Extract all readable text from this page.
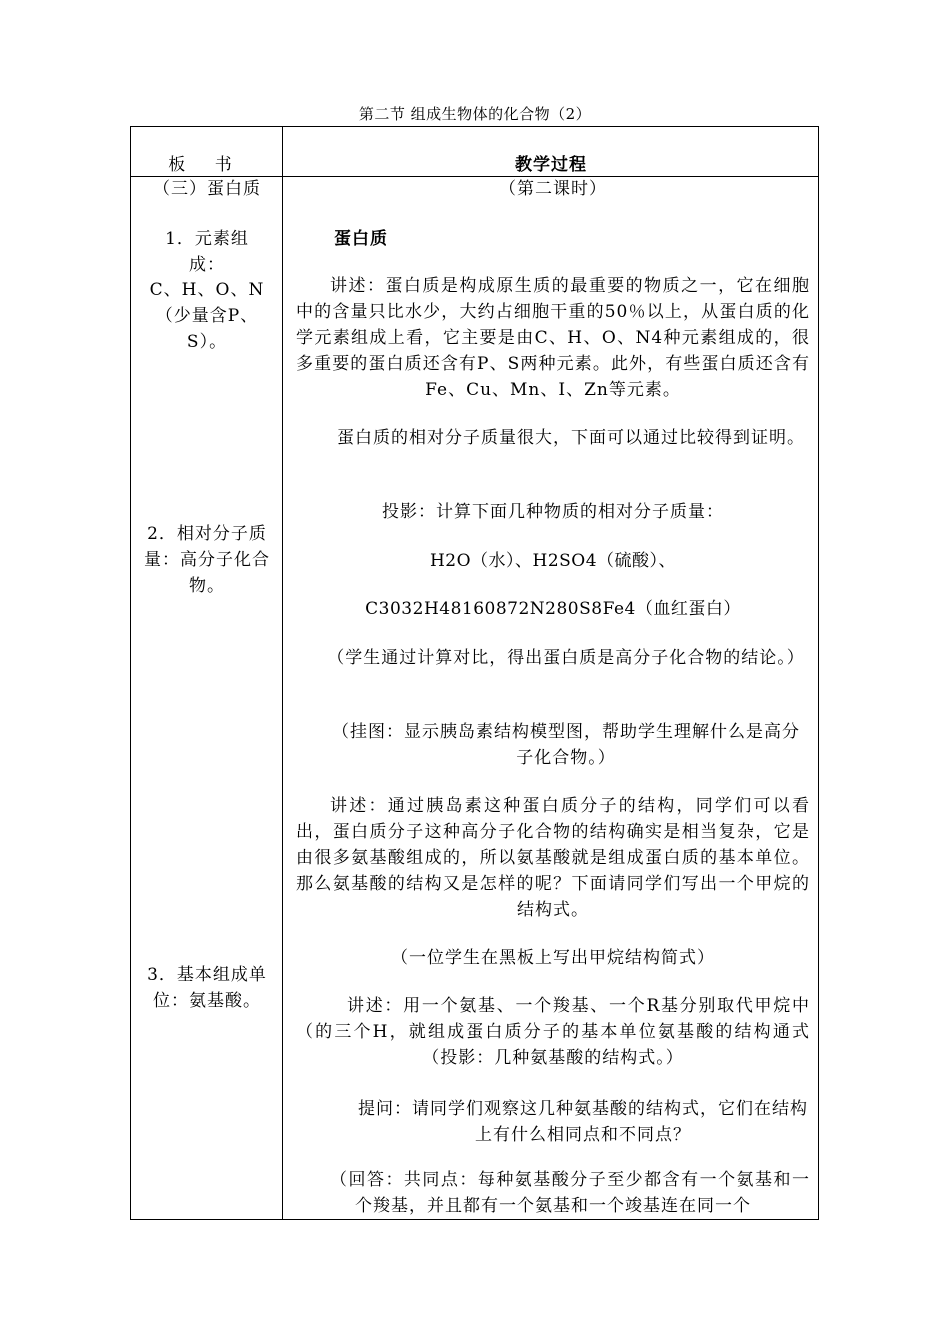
第二节 组成生物体的化合物（2）
板 书	教学过程
（三）蛋白质
1．元素组成：
C、H、O、N（少量含P、S）。
2．相对分子质量：高分子化合物。
3．基本组成单位：氨基酸。
（第二课时）
蛋白质
讲述：蛋白质是构成原生质的最重要的物质之一，它在细胞中的含量只比水少，大约占细胞干重的50％以上，从蛋白质的化学元素组成上看，它主要是由C、H、O、N4种元素组成的，很多重要的蛋白质还含有P、S两种元素。此外，有些蛋白质还含有Fe、Cu、Mn、I、Zn等元素。
蛋白质的相对分子质量很大，下面可以通过比较得到证明。
投影：计算下面几种物质的相对分子质量：
H2O（水）、H2SO4（硫酸）、
C3032H48160872N280S8Fe4（血红蛋白）
（学生通过计算对比，得出蛋白质是高分子化合物的结论。）
（挂图：显示胰岛素结构模型图，帮助学生理解什么是高分子化合物。）
讲述：通过胰岛素这种蛋白质分子的结构，同学们可以看出，蛋白质分子这种高分子化合物的结构确实是相当复杂，它是由很多氨基酸组成的，所以氨基酸就是组成蛋白质的基本单位。那么氨基酸的结构又是怎样的呢？下面请同学们写出一个甲烷的结构式。
（一位学生在黑板上写出甲烷结构简式）
讲述：用一个氨基、一个羧基、一个R基分别取代甲烷中（的三个H，就组成蛋白质分子的基本单位氨基酸的结构通式（投影：几种氨基酸的结构式。）
提问：请同学们观察这几种氨基酸的结构式，它们在结构上有什么相同点和不同点？
（回答：共同点：每种氨基酸分子至少都含有一个氨基和一个羧基，并且都有一个氨基和一个竣基连在同一个
